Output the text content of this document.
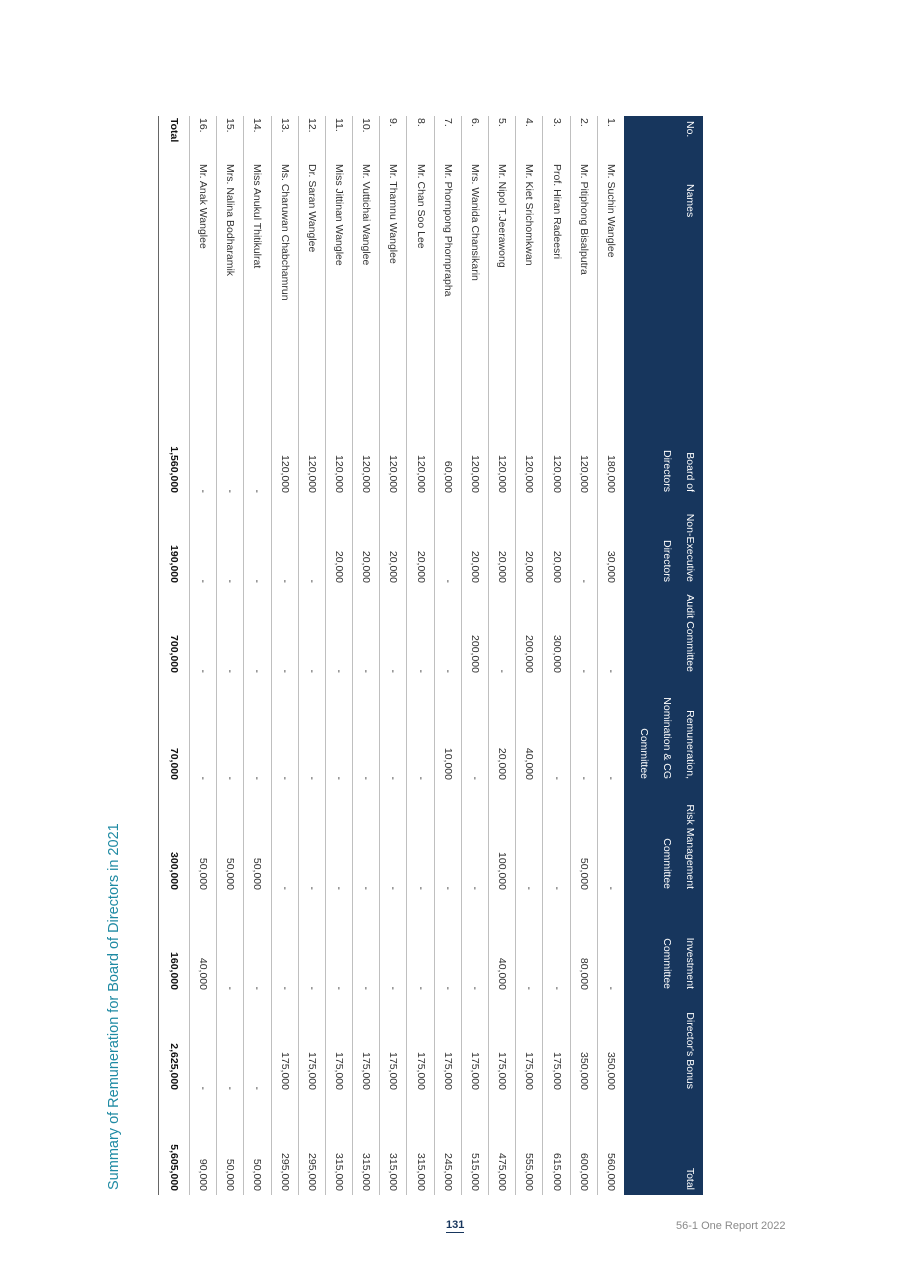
Summary of Remuneration for Board of Directors in 2021
No.	Names	Board of Directors	Non-Executive Directors	Audit Committee	Remuneration, Nomination & CG Committee	Risk Management Committee	Investment Committee	Director's Bonus	Total
1.	Mr. Suchin Wanglee	180,000	30,000	-	-	-	-	350,000	560,000
2.	Mr. Pitiphong Bisalputra	120,000	-	-	-	50,000	80,000	350,000	600,000
3.	Prof. Hiran Radeesri	120,000	20,000	300,000	-	-	-	175,000	615,000
4.	Mr. Kiet Srichomkwan	120,000	20,000	200,000	40,000	-	-	175,000	555,000
5.	Mr. Nipol T.Jeerawong	120,000	20,000	-	20,000	100,000	40,000	175,000	475,000
6.	Mrs. Wanida Chansikarin	120,000	20,000	200,000	-	-	-	175,000	515,000
7.	Mr. Phornpong Phornprapha	60,000	-	-	10,000	-	-	175,000	245,000
8.	Mr. Chan Soo Lee	120,000	20,000	-	-	-	-	175,000	315,000
9.	Mr. Thamnu Wanglee	120,000	20,000	-	-	-	-	175,000	315,000
10.	Mr. Vuttichai Wanglee	120,000	20,000	-	-	-	-	175,000	315,000
11.	Miss Jittinan Wanglee	120,000	20,000	-	-	-	-	175,000	315,000
12.	Dr. Saran Wanglee	120,000	-	-	-	-	-	175,000	295,000
13.	Ms. Charuwan Chabchamrun	120,000	-	-	-	-	-	175,000	295,000
14.	Miss Anukul Thitikulrat	-	-	-	-	50,000	-	-	50,000
15.	Mrs. Nalina Bodharamik	-	-	-	-	50,000	-	-	50,000
16.	Mr. Anak Wanglee	-	-	-	-	50,000	40,000	-	90,000
Total		1,560,000	190,000	700,000	70,000	300,000	160,000	2,625,000	5,605,000
131	56-1 One Report 2022
